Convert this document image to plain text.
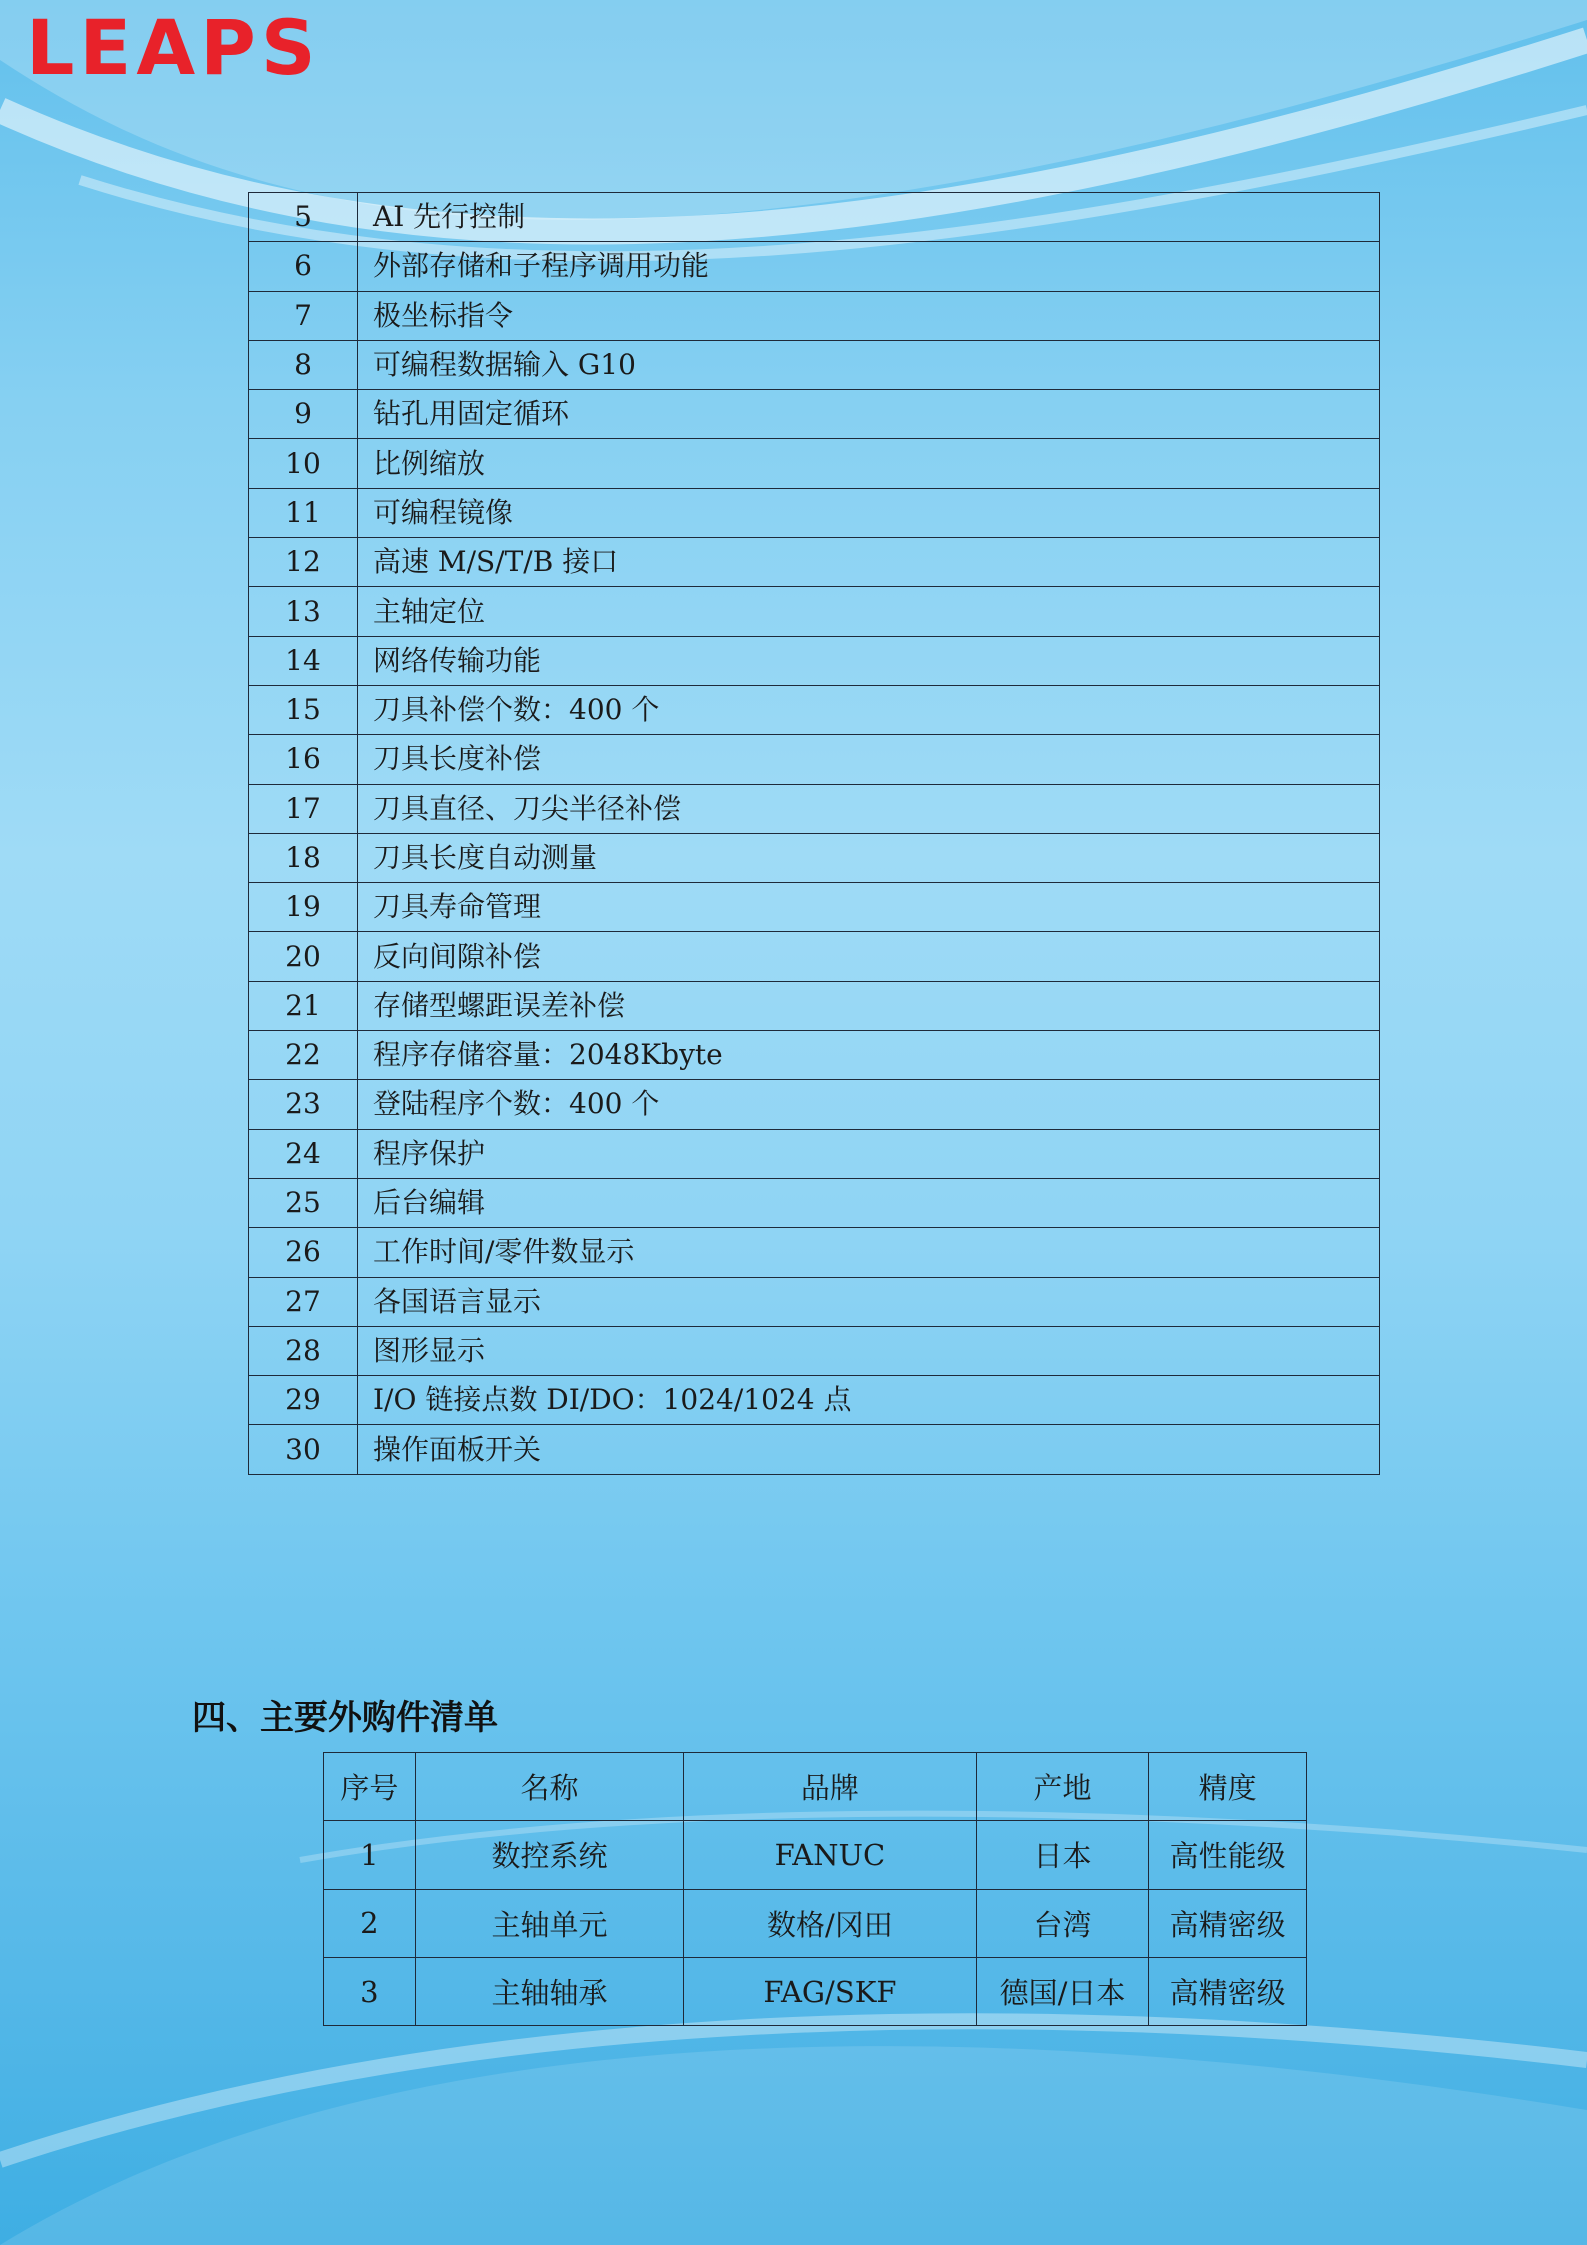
LEAPS
5	AI 先行控制
6	外部存储和子程序调用功能
7	极坐标指令
8	可编程数据输入 G10
9	钻孔用固定循环
10	比例缩放
11	可编程镜像
12	高速 M/S/T/B 接口
13	主轴定位
14	网络传输功能
15	刀具补偿个数：400 个
16	刀具长度补偿
17	刀具直径、刀尖半径补偿
18	刀具长度自动测量
19	刀具寿命管理
20	反向间隙补偿
21	存储型螺距误差补偿
22	程序存储容量：2048Kbyte
23	登陆程序个数：400 个
24	程序保护
25	后台编辑
26	工作时间/零件数显示
27	各国语言显示
28	图形显示
29	I/O 链接点数 DI/DO：1024/1024 点
30	操作面板开关
四、主要外购件清单
序号	名称	品牌	产地	精度
1	数控系统	FANUC	日本	高性能级
2	主轴单元	数格/冈田	台湾	高精密级
3	主轴轴承	FAG/SKF	德国/日本	高精密级
